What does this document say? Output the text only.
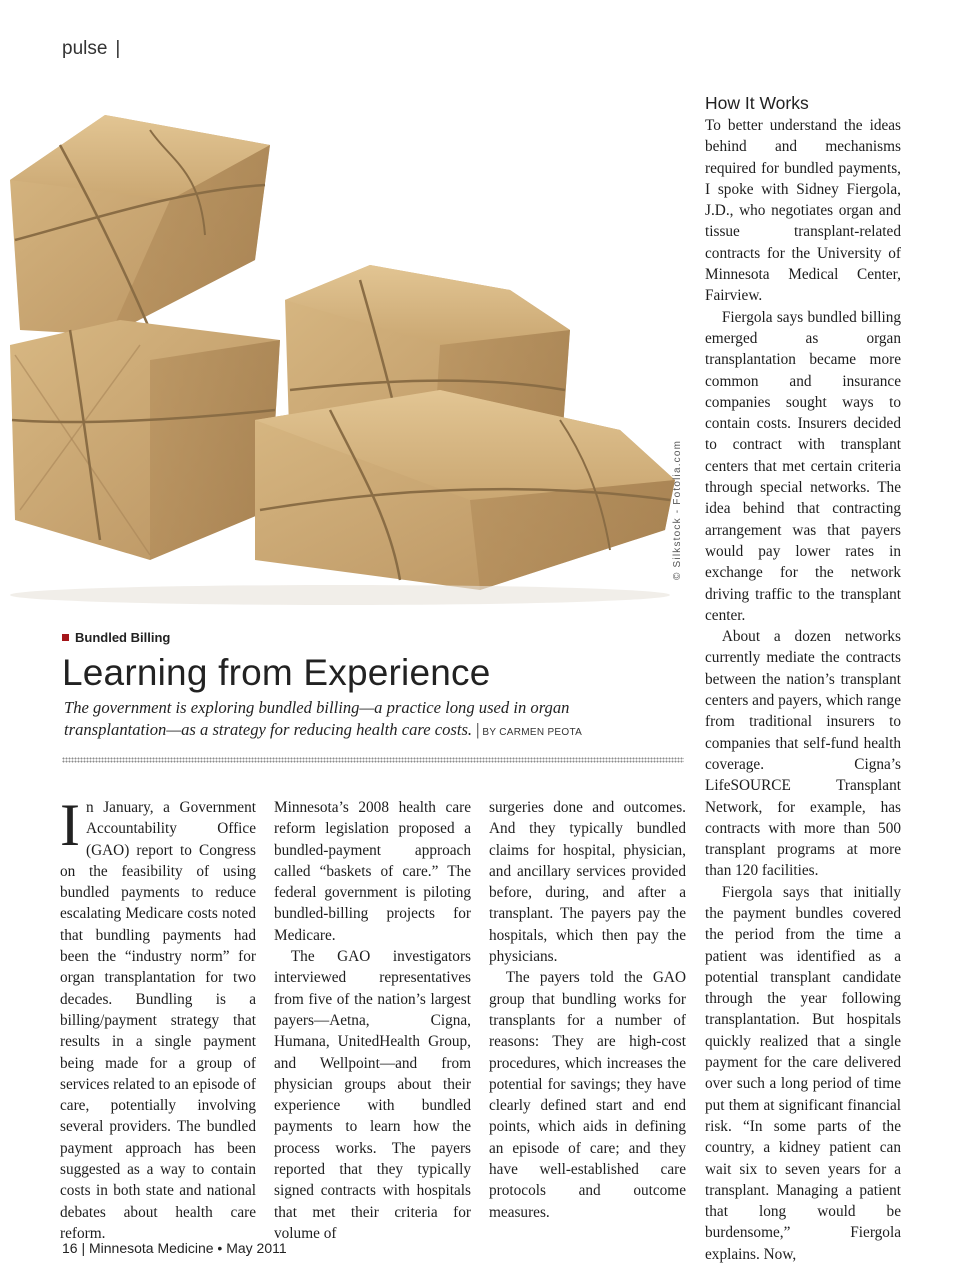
pulse |
© Silkstock - Fotolia.com
Bundled Billing
Learning from Experience
The government is exploring bundled billing—a practice long used in organ transplantation—as a strategy for reducing health care costs. | BY CARMEN PEOTA

In January, a Government Accountability Office (GAO) report to Congress on the feasibility of using bundled payments to reduce escalating Medicare costs noted that bundling payments had been the “industry norm” for organ transplantation for two decades. Bundling is a billing/payment strategy that results in a single payment being made for a group of services related to an episode of care, potentially involving several providers. The bundled payment approach has been suggested as a way to contain costs in both state and national debates about health care reform.

Minnesota’s 2008 health care reform legislation proposed a bundled-payment approach called “baskets of care.” The federal government is piloting bundled-billing projects for Medicare.

The GAO investigators interviewed representatives from five of the nation’s largest payers—Aetna, Cigna, Humana, UnitedHealth Group, and Wellpoint—and from physician groups about their experience with bundled payments to learn how the process works. The payers reported that they typically signed contracts with hospitals that met their criteria for volume of

surgeries done and outcomes. And they typically bundled claims for hospital, physician, and ancillary services provided before, during, and after a transplant. The payers pay the hospitals, which then pay the physicians.

The payers told the GAO group that bundling works for transplants for a number of reasons: They are high-cost procedures, which increases the potential for savings; they have clearly defined start and end points, which aids in defining an episode of care; and they have well-established care protocols and outcome measures.

How It Works

To better understand the ideas behind and mechanisms required for bundled payments, I spoke with Sidney Fiergola, J.D., who negotiates organ and tissue transplant-related contracts for the University of Minnesota Medical Center, Fairview.

Fiergola says bundled billing emerged as organ transplantation became more common and insurance companies sought ways to contain costs. Insurers decided to contract with transplant centers that met certain criteria through special networks. The idea behind that contracting arrangement was that payers would pay lower rates in exchange for the network driving traffic to the transplant center.

About a dozen networks currently mediate the contracts between the nation’s transplant centers and payers, which range from traditional insurers to companies that self-fund health coverage. Cigna’s LifeSOURCE Transplant Network, for example, has contracts with more than 500 transplant programs at more than 120 facilities.

Fiergola says that initially the payment bundles covered the period from the time a patient was identified as a potential transplant candidate through the year following transplantation. But hospitals quickly realized that a single payment for the care delivered over such a long period of time put them at significant financial risk. “In some parts of the country, a kidney patient can wait six to seven years for a transplant. Managing a patient that long would be burdensome,” Fiergola explains. Now,

16 | Minnesota Medicine • May 2011
